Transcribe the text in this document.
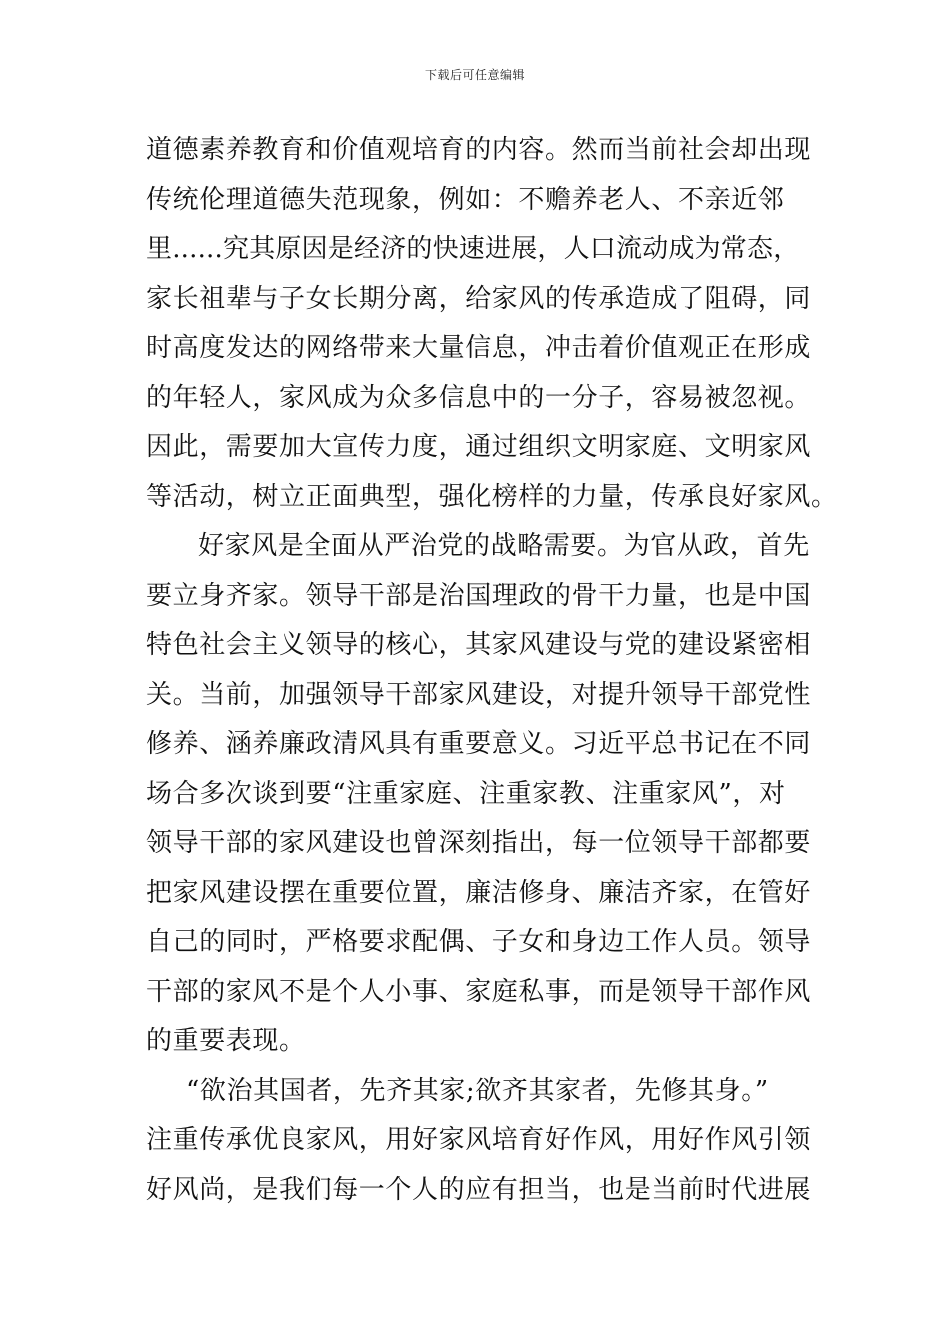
下载后可任意编辑
道德素养教育和价值观培育的内容。然而当前社会却出现
传统伦理道德失范现象，例如：不赡养老人、不亲近邻
里......究其原因是经济的快速进展，人口流动成为常态，
家长祖辈与子女长期分离，给家风的传承造成了阻碍，同
时高度发达的网络带来大量信息，冲击着价值观正在形成
的年轻人，家风成为众多信息中的一分子，容易被忽视。
因此，需要加大宣传力度，通过组织文明家庭、文明家风
等活动，树立正面典型，强化榜样的力量，传承良好家风。
好家风是全面从严治党的战略需要。为官从政，首先
要立身齐家。领导干部是治国理政的骨干力量，也是中国
特色社会主义领导的核心，其家风建设与党的建设紧密相
关。当前，加强领导干部家风建设，对提升领导干部党性
修养、涵养廉政清风具有重要意义。习近平总书记在不同
场合多次谈到要“注重家庭、注重家教、注重家风”，对
领导干部的家风建设也曾深刻指出，每一位领导干部都要
把家风建设摆在重要位置，廉洁修身、廉洁齐家，在管好
自己的同时，严格要求配偶、子女和身边工作人员。领导
干部的家风不是个人小事、家庭私事，而是领导干部作风
的重要表现。
“欲治其国者，先齐其家;欲齐其家者，先修其身。”
注重传承优良家风，用好家风培育好作风，用好作风引领
好风尚，是我们每一个人的应有担当，也是当前时代进展
